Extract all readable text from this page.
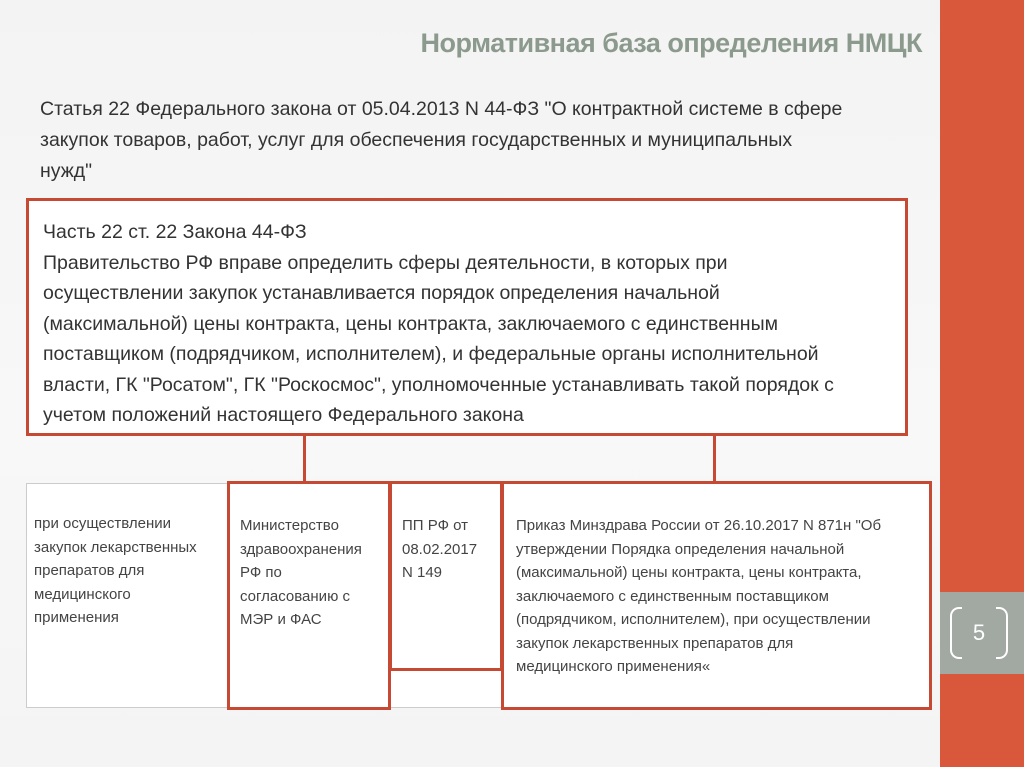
5
Нормативная база определения НМЦК
Статья 22 Федерального закона от 05.04.2013 N 44-ФЗ "О контрактной системе в сфере
закупок товаров, работ, услуг для обеспечения государственных и муниципальных
нужд"
Часть 22 ст. 22 Закона 44-ФЗ
Правительство РФ вправе определить сферы деятельности, в которых при
осуществлении закупок устанавливается порядок определения начальной
(максимальной) цены контракта, цены контракта, заключаемого с единственным
поставщиком (подрядчиком, исполнителем), и федеральные органы исполнительной
власти, ГК "Росатом", ГК "Роскосмос", уполномоченные устанавливать такой порядок с
учетом положений настоящего Федерального закона
при осуществлении
закупок лекарственных
препаратов для
медицинского
применения
Министерство
здравоохранения
РФ по
согласованию с
МЭР и ФАС
ПП РФ от
08.02.2017
N 149
Приказ Минздрава России от 26.10.2017 N 871н "Об
утверждении Порядка определения начальной
(максимальной) цены контракта, цены контракта,
заключаемого с единственным поставщиком
(подрядчиком, исполнителем), при осуществлении
закупок лекарственных препаратов для
медицинского применения«
